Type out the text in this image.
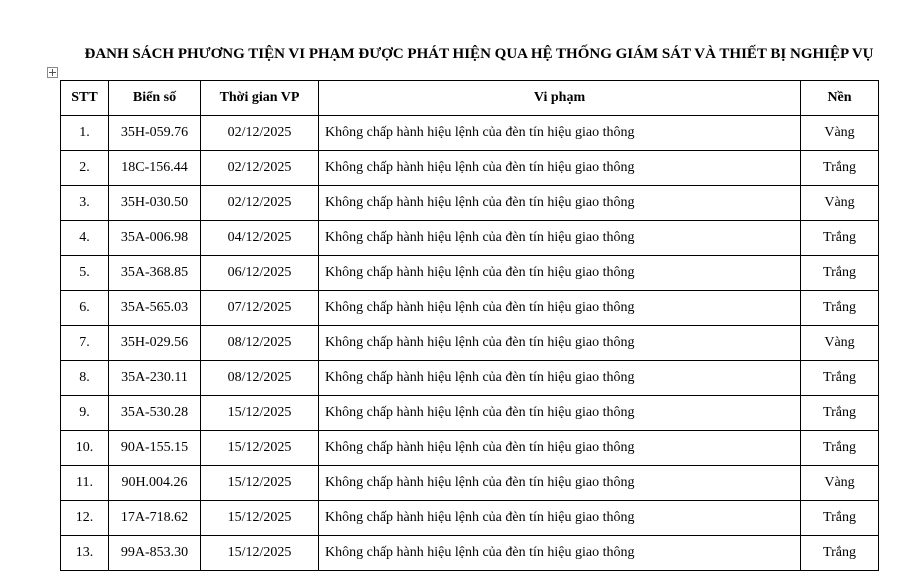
ĐANH SÁCH PHƯƠNG TIỆN VI PHẠM ĐƯỢC PHÁT HIỆN QUA HỆ THỐNG GIÁM SÁT VÀ THIẾT BỊ NGHIỆP VỤ
STT	Biển số	Thời gian VP	Vi phạm	Nền
1.	35H-059.76	02/12/2025	Không chấp hành hiệu lệnh của đèn tín hiệu giao thông	Vàng
2.	18C-156.44	02/12/2025	Không chấp hành hiệu lệnh của đèn tín hiệu giao thông	Trắng
3.	35H-030.50	02/12/2025	Không chấp hành hiệu lệnh của đèn tín hiệu giao thông	Vàng
4.	35A-006.98	04/12/2025	Không chấp hành hiệu lệnh của đèn tín hiệu giao thông	Trắng
5.	35A-368.85	06/12/2025	Không chấp hành hiệu lệnh của đèn tín hiệu giao thông	Trắng
6.	35A-565.03	07/12/2025	Không chấp hành hiệu lệnh của đèn tín hiệu giao thông	Trắng
7.	35H-029.56	08/12/2025	Không chấp hành hiệu lệnh của đèn tín hiệu giao thông	Vàng
8.	35A-230.11	08/12/2025	Không chấp hành hiệu lệnh của đèn tín hiệu giao thông	Trắng
9.	35A-530.28	15/12/2025	Không chấp hành hiệu lệnh của đèn tín hiệu giao thông	Trắng
10.	90A-155.15	15/12/2025	Không chấp hành hiệu lệnh của đèn tín hiệu giao thông	Trắng
11.	90H.004.26	15/12/2025	Không chấp hành hiệu lệnh của đèn tín hiệu giao thông	Vàng
12.	17A-718.62	15/12/2025	Không chấp hành hiệu lệnh của đèn tín hiệu giao thông	Trắng
13.	99A-853.30	15/12/2025	Không chấp hành hiệu lệnh của đèn tín hiệu giao thông	Trắng
